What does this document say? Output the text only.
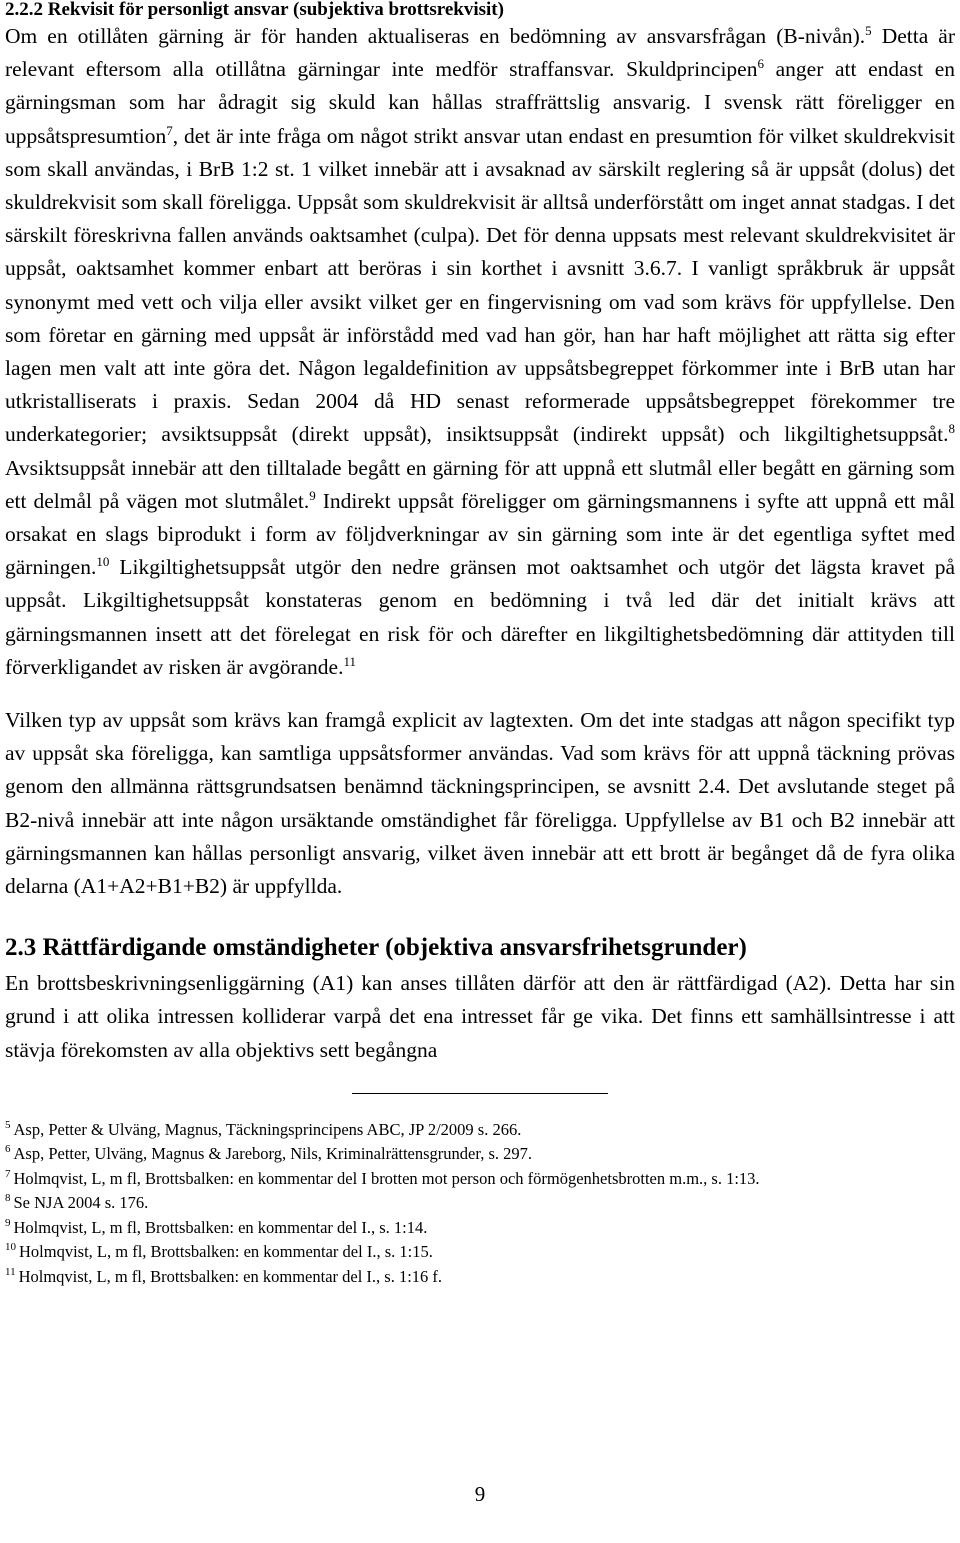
2.2.2 Rekvisit för personligt ansvar (subjektiva brottsrekvisit)

Om en otillåten gärning är för handen aktualiseras en bedömning av ansvarsfrågan (B-nivån).$^5$ Detta är relevant eftersom alla otillåtna gärningar inte medför straffansvar. Skuldprincipen$^6$ anger att endast en gärningsman som har ådragit sig skuld kan hållas straffrättslig ansvarig. I svensk rätt föreligger en uppsåtspresumtion$^7$, det är inte fråga om något strikt ansvar utan endast en presumtion för vilket skuldrekvisit som skall användas, i BrB 1:2 st. 1 vilket innebär att i avsaknad av särskilt reglering så är uppsåt (dolus) det skuldrekvisit som skall föreligga. Uppsåt som skuldrekvisit är alltså underförstått om inget annat stadgas. I det särskilt föreskrivna fallen används oaktsamhet (culpa). Det för denna uppsats mest relevant skuldrekvisitet är uppsåt, oaktsamhet kommer enbart att beröras i sin korthet i avsnitt 3.6.7. I vanligt språkbruk är uppsåt synonymt med vett och vilja eller avsikt vilket ger en fingervisning om vad som krävs för uppfyllelse. Den som företar en gärning med uppsåt är införstådd med vad han gör, han har haft möjlighet att rätta sig efter lagen men valt att inte göra det. Någon legaldefinition av uppsåtsbegreppet förkommer inte i BrB utan har utkristalliserats i praxis. Sedan 2004 då HD senast reformerade uppsåtsbegreppet förekommer tre underkategorier; avsiktsuppsåt (direkt uppsåt), insiktsuppsåt (indirekt uppsåt) och likgiltighetsuppsåt.$^8$ Avsiktsuppsåt innebär att den tilltalade begått en gärning för att uppnå ett slutmål eller begått en gärning som ett delmål på vägen mot slutmålet.$^9$ Indirekt uppsåt föreligger om gärningsmannens i syfte att uppnå ett mål orsakat en slags biprodukt i form av följdverkningar av sin gärning som inte är det egentliga syftet med gärningen.$^{10}$ Likgiltighetsuppsåt utgör den nedre gränsen mot oaktsamhet och utgör det lägsta kravet på uppsåt. Likgiltighetsuppsåt konstateras genom en bedömning i två led där det initialt krävs att gärningsmannen insett att det förelegat en risk för och därefter en likgiltighetsbedömning där attityden till förverkligandet av risken är avgörande.$^{11}$

Vilken typ av uppsåt som krävs kan framgå explicit av lagtexten. Om det inte stadgas att någon specifikt typ av uppsåt ska föreligga, kan samtliga uppsåtsformer användas. Vad som krävs för att uppnå täckning prövas genom den allmänna rättsgrundsatsen benämnd täckningsprincipen, se avsnitt 2.4. Det avslutande steget på B2-nivå innebär att inte någon ursäktande omständighet får föreligga. Uppfyllelse av B1 och B2 innebär att gärningsmannen kan hållas personligt ansvarig, vilket även innebär att ett brott är begånget då de fyra olika delarna (A1+A2+B1+B2) är uppfyllda.

2.3 Rättfärdigande omständigheter (objektiva ansvarsfrihetsgrunder)

En brottsbeskrivningsenliggärning (A1) kan anses tillåten därför att den är rättfärdigad (A2). Detta har sin grund i att olika intressen kolliderar varpå det ena intresset får ge vika. Det finns ett samhällsintresse i att stävja förekomsten av alla objektivs sett begångna

$^5$ Asp, Petter & Ulväng, Magnus, Täckningsprincipens ABC, JP 2/2009 s. 266.

$^6$ Asp, Petter, Ulväng, Magnus & Jareborg, Nils, Kriminalrättensgrunder, s. 297.

$^7$ Holmqvist, L, m fl, Brottsbalken: en kommentar del I brotten mot person och förmögenhetsbrotten m.m., s. 1:13.

$^8$ Se NJA 2004 s. 176.

$^9$ Holmqvist, L, m fl, Brottsbalken: en kommentar del I., s. 1:14.

$^{10}$ Holmqvist, L, m fl, Brottsbalken: en kommentar del I., s. 1:15.

$^{11}$ Holmqvist, L, m fl, Brottsbalken: en kommentar del I., s. 1:16 f.

9
